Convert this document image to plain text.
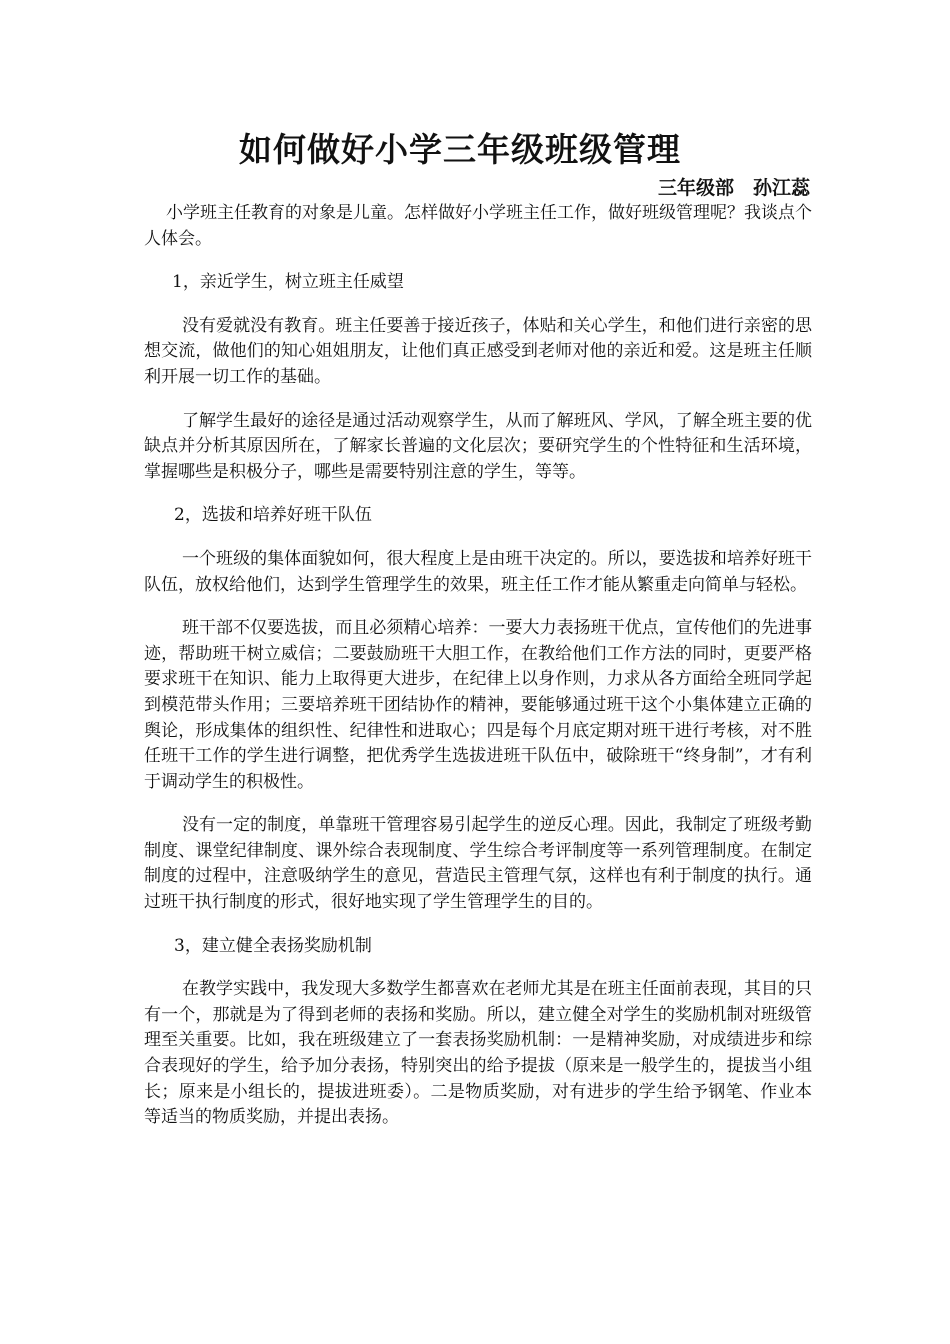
如何做好小学三年级班级管理
三年级部　孙江蕊

小学班主任教育的对象是儿童。怎样做好小学班主任工作，做好班级管理呢？我谈点个人体会。

1，亲近学生，树立班主任威望

没有爱就没有教育。班主任要善于接近孩子，体贴和关心学生，和他们进行亲密的思想交流，做他们的知心姐姐朋友，让他们真正感受到老师对他的亲近和爱。这是班主任顺利开展一切工作的基础。

了解学生最好的途径是通过活动观察学生，从而了解班风、学风，了解全班主要的优缺点并分析其原因所在，了解家长普遍的文化层次；要研究学生的个性特征和生活环境，掌握哪些是积极分子，哪些是需要特别注意的学生，等等。

2，选拔和培养好班干队伍

一个班级的集体面貌如何，很大程度上是由班干决定的。所以，要选拔和培养好班干队伍，放权给他们，达到学生管理学生的效果，班主任工作才能从繁重走向简单与轻松。

班干部不仅要选拔，而且必须精心培养：一要大力表扬班干优点，宣传他们的先进事迹，帮助班干树立威信；二要鼓励班干大胆工作，在教给他们工作方法的同时，更要严格要求班干在知识、能力上取得更大进步，在纪律上以身作则，力求从各方面给全班同学起到模范带头作用；三要培养班干团结协作的精神，要能够通过班干这个小集体建立正确的舆论，形成集体的组织性、纪律性和进取心；四是每个月底定期对班干进行考核，对不胜任班干工作的学生进行调整，把优秀学生选拔进班干队伍中，破除班干“终身制”，才有利于调动学生的积极性。

没有一定的制度，单靠班干管理容易引起学生的逆反心理。因此，我制定了班级考勤制度、课堂纪律制度、课外综合表现制度、学生综合考评制度等一系列管理制度。在制定制度的过程中，注意吸纳学生的意见，营造民主管理气氛，这样也有利于制度的执行。通过班干执行制度的形式，很好地实现了学生管理学生的目的。

3，建立健全表扬奖励机制

在教学实践中，我发现大多数学生都喜欢在老师尤其是在班主任面前表现，其目的只有一个，那就是为了得到老师的表扬和奖励。所以，建立健全对学生的奖励机制对班级管理至关重要。比如，我在班级建立了一套表扬奖励机制：一是精神奖励，对成绩进步和综合表现好的学生，给予加分表扬，特别突出的给予提拔（原来是一般学生的，提拔当小组长；原来是小组长的，提拔进班委）。二是物质奖励，对有进步的学生给予钢笔、作业本等适当的物质奖励，并提出表扬。
